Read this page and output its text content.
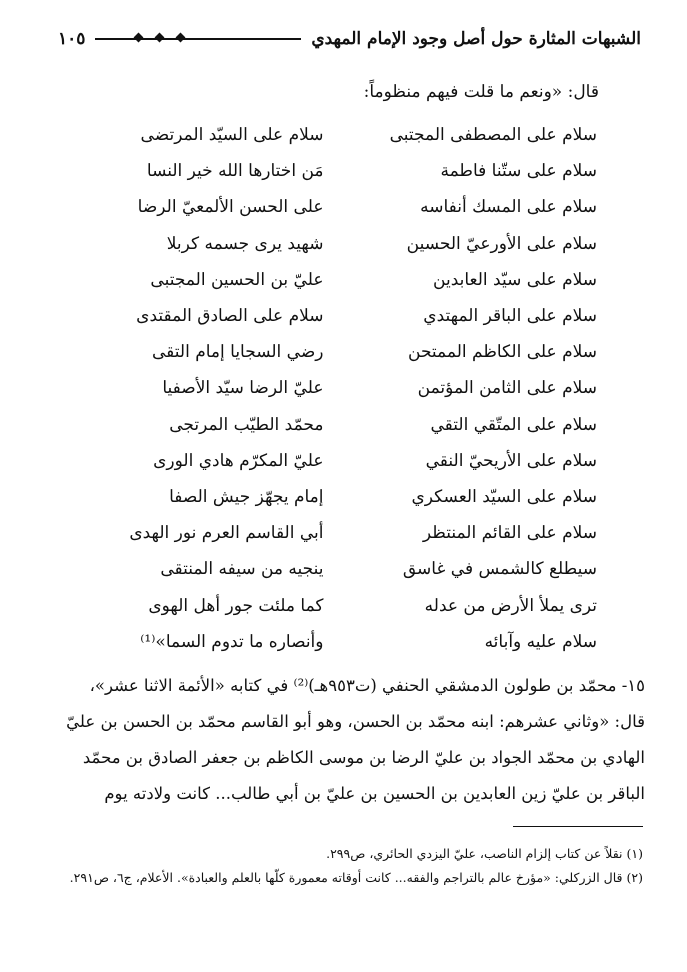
الشبهات المثارة حول أصل وجود الإمام المهدي
١٠٥
قال: «ونعم ما قلت فيهم منظوماً:
سلام على المصطفى المجتبى
سلام على السيّد المرتضى
سلام على ستّنا فاطمة
مَن اختارها الله خير النسا
سلام على المسك أنفاسه
على الحسن الألمعيّ الرضا
سلام على الأورعيّ الحسين
شهيد يرى جسمه كربلا
سلام على سيّد العابدين
عليّ بن الحسين المجتبى
سلام على الباقر المهتدي
سلام على الصادق المقتدى
سلام على الكاظم الممتحن
رضي السجايا إمام التقى
سلام على الثامن المؤتمن
عليّ الرضا سيّد الأصفيا
سلام على المتّقي التقي
محمّد الطيّب المرتجى
سلام على الأريحيّ النقي
عليّ المكرّم هادي الورى
سلام على السيّد العسكري
إمام يجهّز جيش الصفا
سلام على القائم المنتظر
أبي القاسم العرم نور الهدى
سيطلع كالشمس في غاسق
ينجيه من سيفه المنتقى
ترى يملأ الأرض من عدله
كما ملئت جور أهل الهوى
سلام عليه وآبائه
وأنصاره ما تدوم السما»⁽¹⁾

١٥- محمّد بن طولون الدمشقي الحنفي (ت٩٥٣هـ)⁽²⁾ في كتابه «الأئمة الاثنا عشر»،

قال: «وثاني عشرهم: ابنه محمّد بن الحسن، وهو أبو القاسم محمّد بن الحسن بن عليّ

الهادي بن محمّد الجواد بن عليّ الرضا بن موسى الكاظم بن جعفر الصادق بن محمّد

الباقر بن عليّ زين العابدين بن الحسين بن عليّ بن أبي طالب... كانت ولادته يوم

(١) نقلاً عن كتاب إلزام الناصب، عليّ اليزدي الحائري، ص٢٩٩.
(٢) قال الزركلي: «مؤرخ عالم بالتراجم والفقه... كانت أوقاته معمورة كلّها بالعلم والعبادة». الأعلام، ج٦، ص٢٩١.
